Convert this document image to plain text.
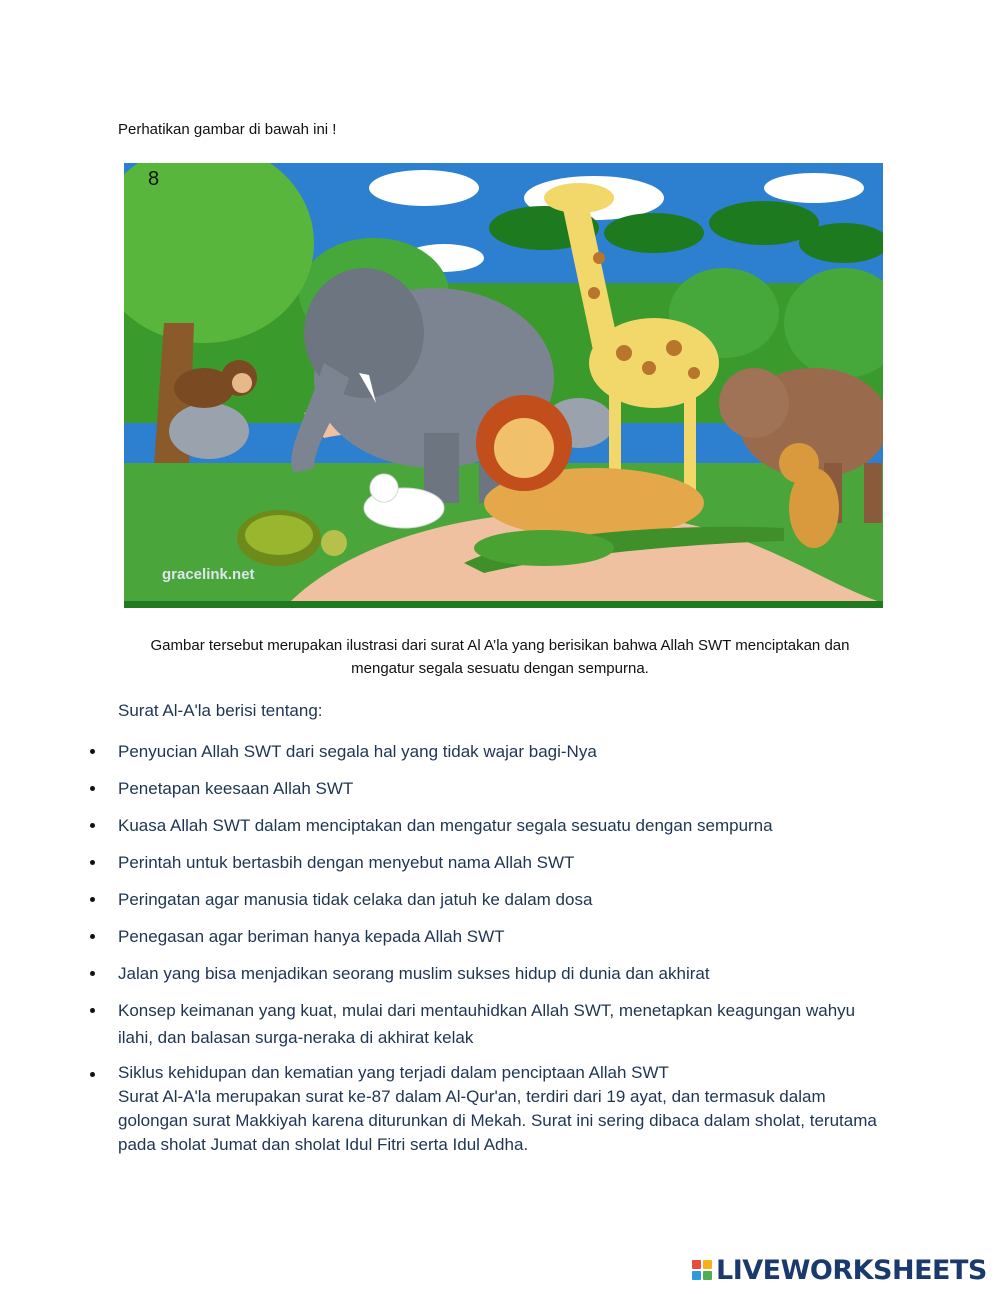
Perhatikan gambar di bawah ini !
8
gracelink.net
Gambar tersebut merupakan ilustrasi dari surat Al A’la yang berisikan bahwa Allah SWT menciptakan dan mengatur segala sesuatu dengan sempurna.
Surat Al-A'la berisi tentang:
Penyucian Allah SWT dari segala hal yang tidak wajar bagi-Nya
Penetapan keesaan Allah SWT
Kuasa Allah SWT dalam menciptakan dan mengatur segala sesuatu dengan sempurna
Perintah untuk bertasbih dengan menyebut nama Allah SWT
Peringatan agar manusia tidak celaka dan jatuh ke dalam dosa
Penegasan agar beriman hanya kepada Allah SWT
Jalan yang bisa menjadikan seorang muslim sukses hidup di dunia dan akhirat
Konsep keimanan yang kuat, mulai dari mentauhidkan Allah SWT, menetapkan keagungan wahyu ilahi, dan balasan surga-neraka di akhirat kelak
Siklus kehidupan dan kematian yang terjadi dalam penciptaan Allah SWT
Surat Al-A'la merupakan surat ke-87 dalam Al-Qur'an, terdiri dari 19 ayat, dan termasuk dalam golongan surat Makkiyah karena diturunkan di Mekah. Surat ini sering dibaca dalam sholat, terutama pada sholat Jumat dan sholat Idul Fitri serta Idul Adha.
LIVEWORKSHEETS
